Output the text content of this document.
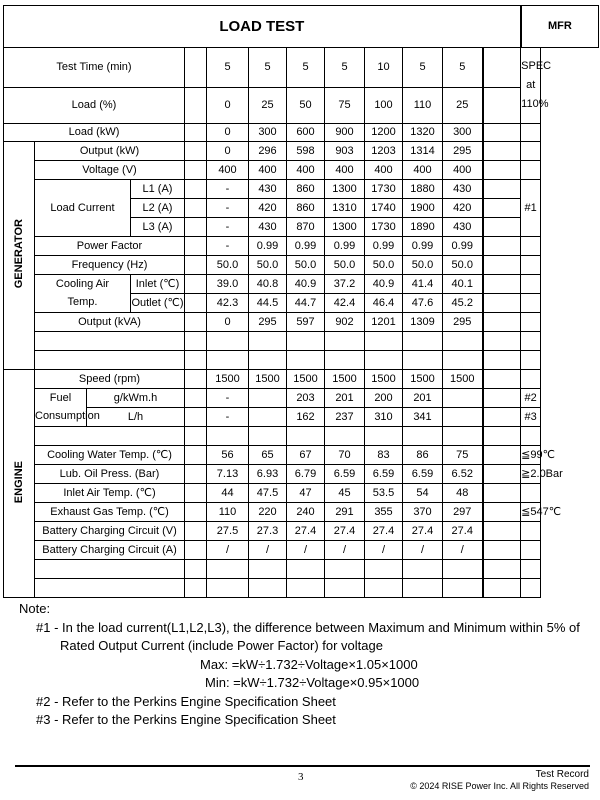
LOAD TEST													MFR
Test Time (min)					5	5	5	5	10	5	5		SPEC at
110%
Load (%)					0	25	50	75	100	110	25		
Load (kW)					0	300	600	900	1200	1320	300		
GENERATOR	Output (kW)				0	296	598	903	1203	1314	295		
	Voltage (V)				400	400	400	400	400	400	400		
	Load Current		L1 (A)		-	430	860	1300	1730	1880	430		#1
			L2 (A)		-	420	860	1310	1740	1900	420		
			L3 (A)		-	430	870	1300	1730	1890	430		
	Power Factor				-	0.99	0.99	0.99	0.99	0.99	0.99		
	Frequency (Hz)				50.0	50.0	50.0	50.0	50.0	50.0	50.0		
	Cooling Air
Temp.		Inlet (℃)		39.0	40.8	40.9	37.2	40.9	41.4	40.1		
			Outlet (℃)		42.3	44.5	44.7	42.4	46.4	47.6	45.2		
	Output (kVA)				0	295	597	902	1201	1309	295		

ENGINE	Speed (rpm)				1500	1500	1500	1500	1500	1500	1500		
	Fuel
Consumption	g/kWm.h			-		203	201	200	201			#2
		L/h			-		162	237	310	341			#3

	Cooling Water Temp. (℃)				56	65	67	70	83	86	75		≦99℃
	Lub. Oil Press. (Bar)				7.13	6.93	6.79	6.59	6.59	6.59	6.52		≧2.0Bar
	Inlet Air Temp. (℃)				44	47.5	47	45	53.5	54	48		
	Exhaust Gas Temp. (℃)				110	220	240	291	355	370	297		≦547℃
	Battery Charging Circuit (V)				27.5	27.3	27.4	27.4	27.4	27.4	27.4		
	Battery Charging Circuit (A)				/	/	/	/	/	/	/		

Note:

#1 - In the load current(L1,L2,L3), the difference between Maximum and Minimum within 5% of

Rated Output Current (include Power Factor) for voltage

Max: =kW÷1.732÷Voltage×1.05×1000

Min: =kW÷1.732÷Voltage×0.95×1000

#2 - Refer to the Perkins Engine Specification Sheet

#3 - Refer to the Perkins Engine Specification Sheet

3	Test Record
© 2024 RISE Power Inc. All Rights Reserved
